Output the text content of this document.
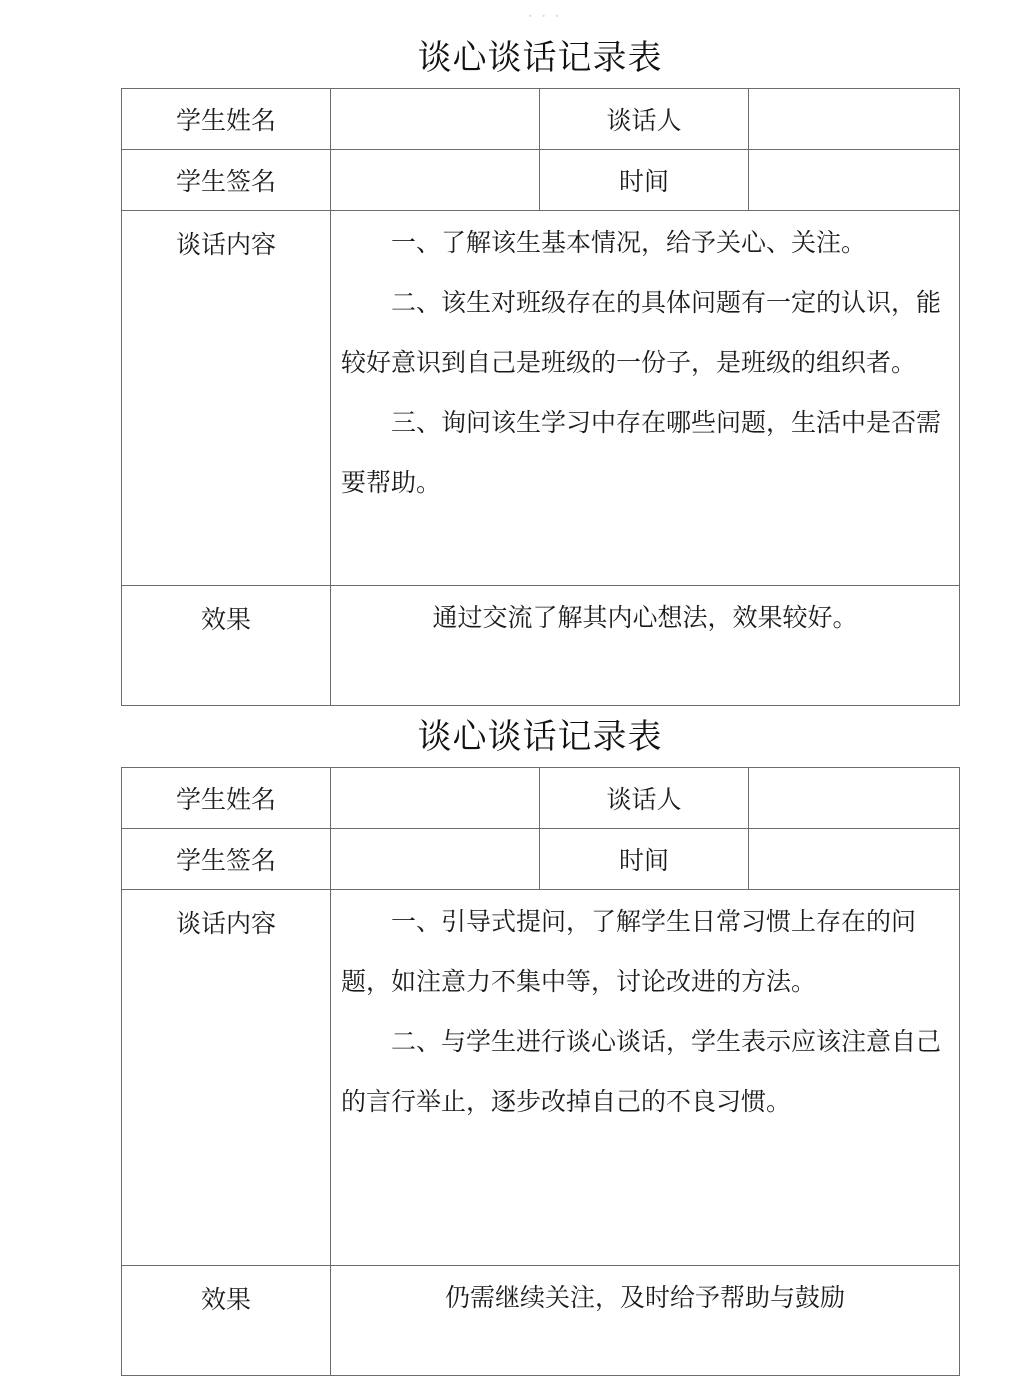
• • •
谈心谈话记录表
学生姓名		谈话人	
学生签名		时间	
谈话内容	一、了解该生基本情况，给予关心、关注。

二、该生对班级存在的具体问题有一定的认识，能较好意识到自己是班级的一份子，是班级的组织者。

三、询问该生学习中存在哪些问题，生活中是否需要帮助。		

效果	通过交流了解其内心想法，效果较好。		
谈心谈话记录表
学生姓名		谈话人	
学生签名		时间	
谈话内容	一、引导式提问，了解学生日常习惯上存在的问题，如注意力不集中等，讨论改进的方法。

二、与学生进行谈心谈话，学生表示应该注意自己的言行举止，逐步改掉自己的不良习惯。		

效果	仍需继续关注，及时给予帮助与鼓励		
